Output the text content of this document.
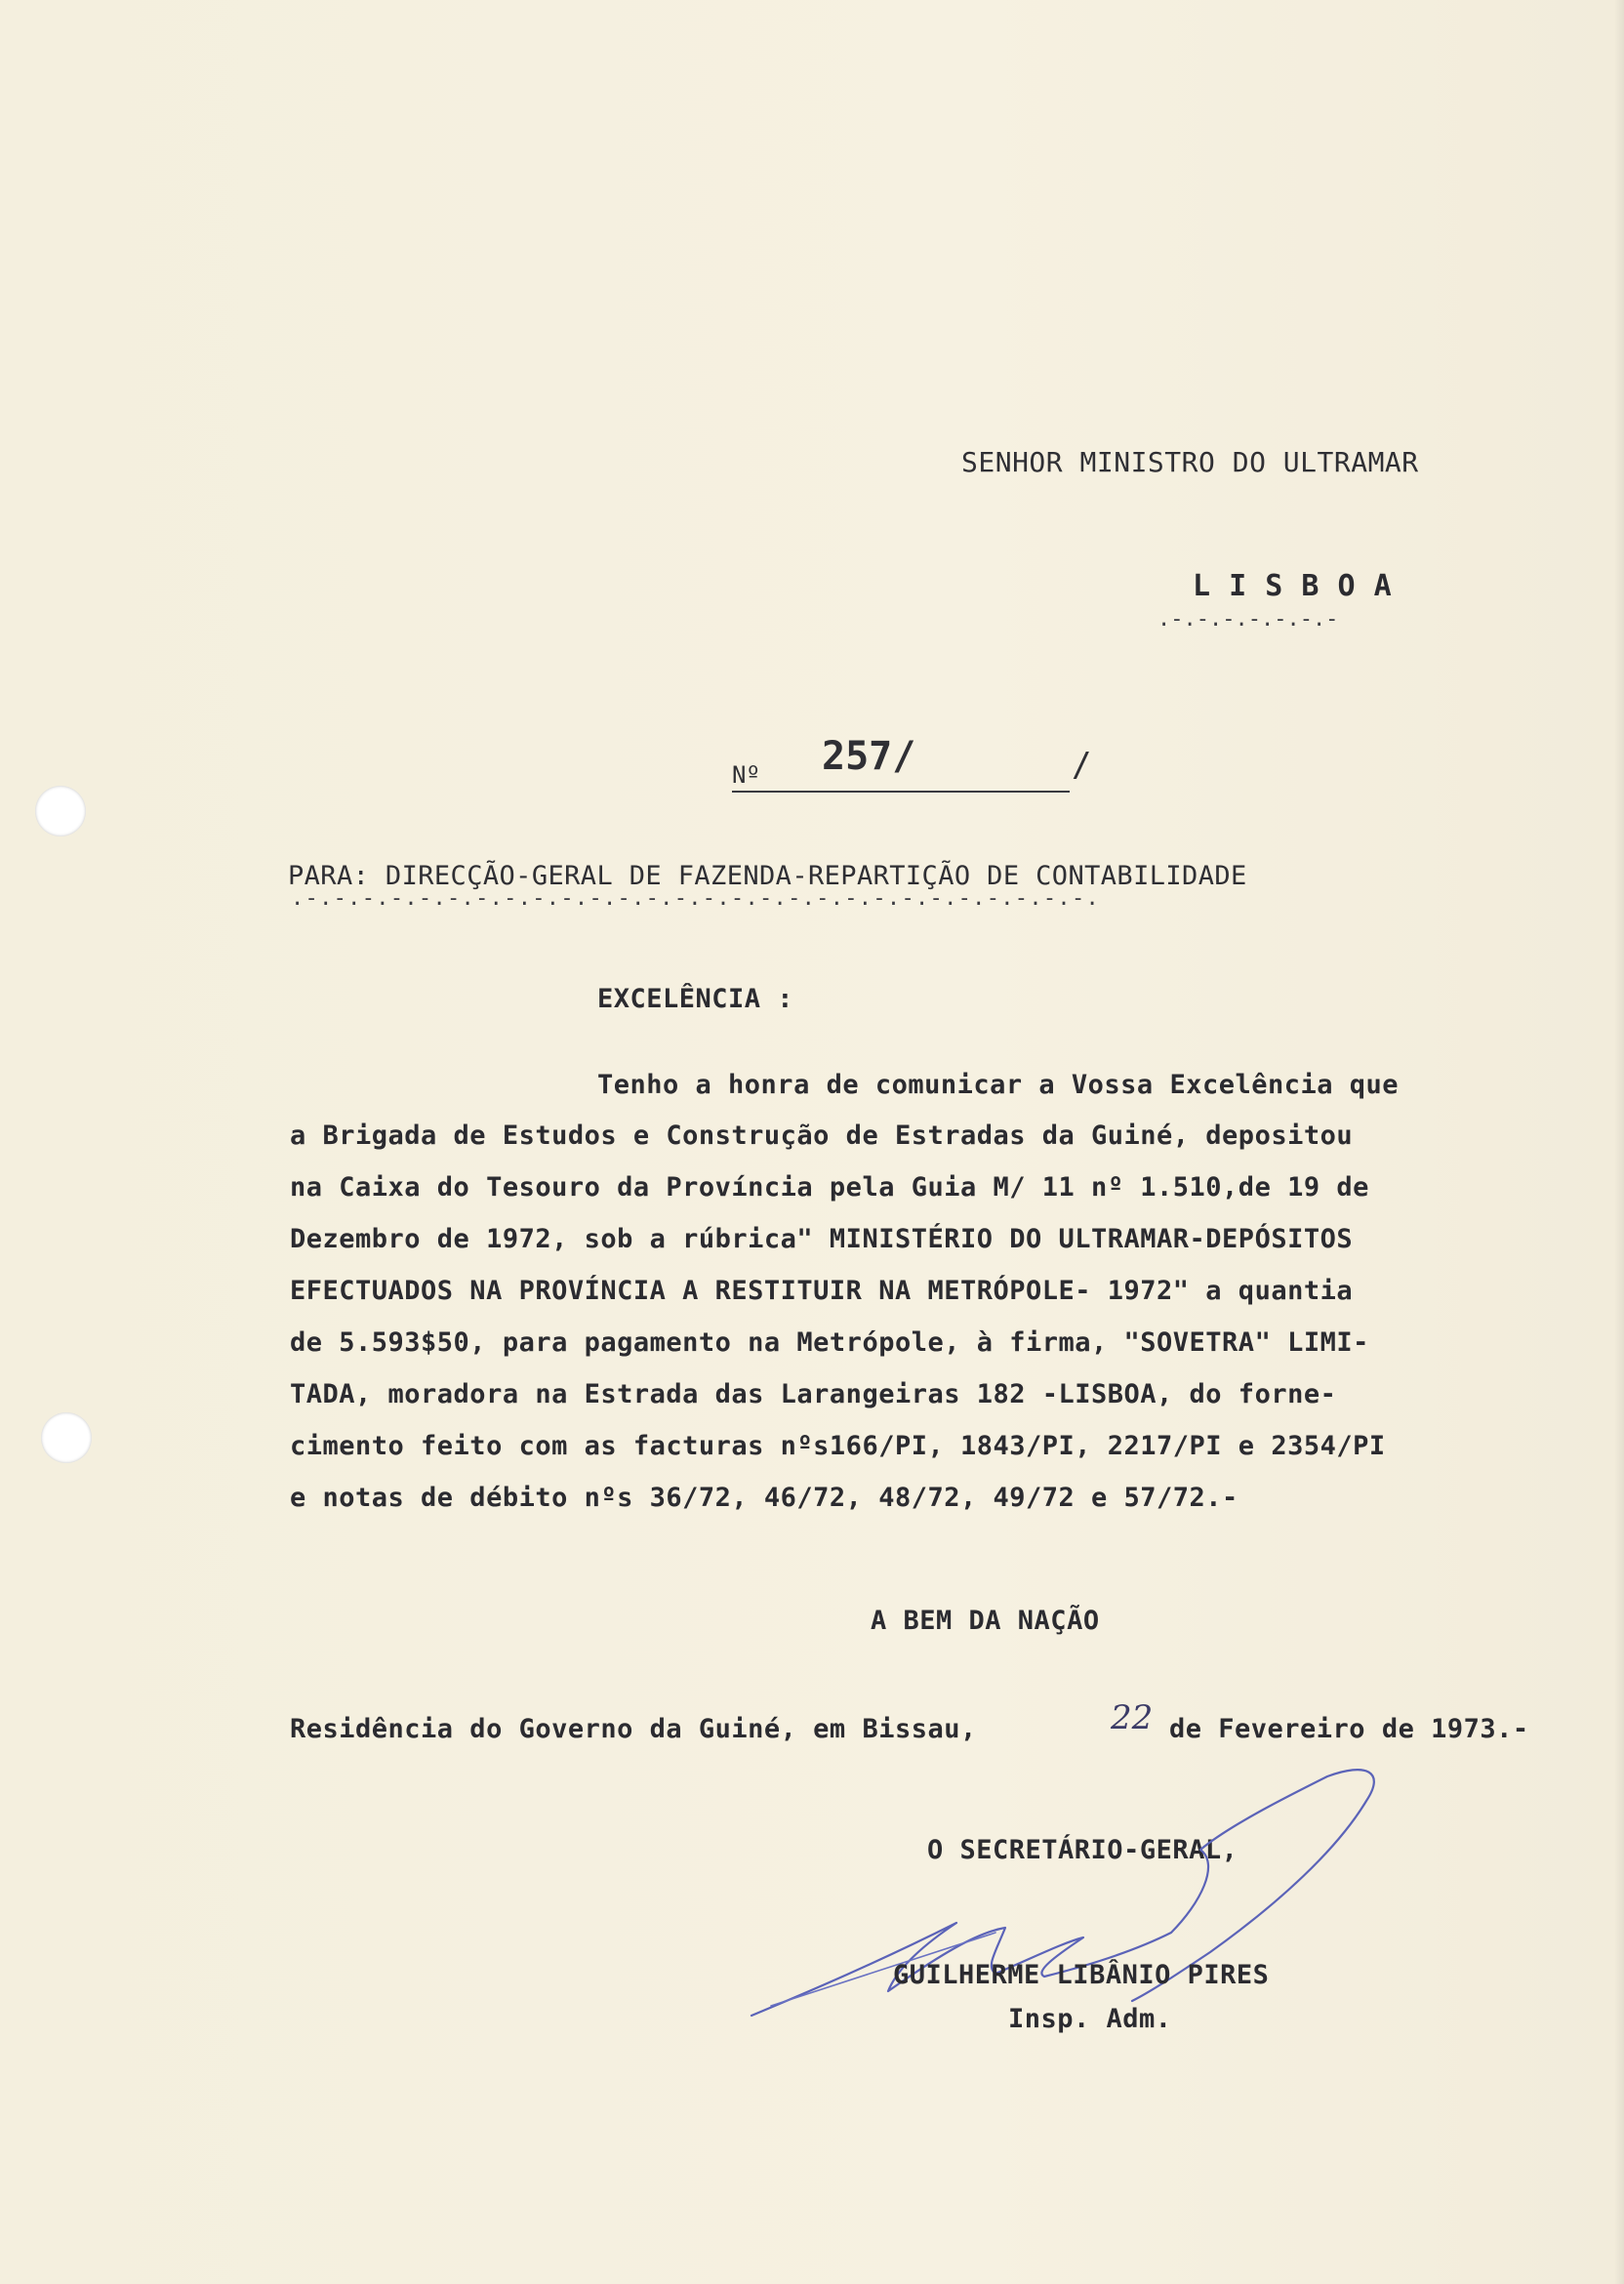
SENHOR MINISTRO DO ULTRAMAR
L I S B O A
.-.-.-.-.-.-.-
Nº 257/	/
PARA: DIRECÇÃO-GERAL DE FAZENDA-REPARTIÇÃO DE CONTABILIDADE
.-.-.-.-.-.-.-.-.-.-.-.-.-.-.-.-.-.-.-.-.-.-.-.-.-.-.-.-.
EXCELÊNCIA :
Tenho a honra de comunicar a Vossa Excelência que
a Brigada de Estudos e Construção de Estradas da Guiné, depositou
na Caixa do Tesouro da Província pela Guia M/ 11 nº 1.510,de 19 de
Dezembro de 1972, sob a rúbrica" MINISTÉRIO DO ULTRAMAR-DEPÓSITOS
EFECTUADOS NA PROVÍNCIA A RESTITUIR NA METRÓPOLE- 1972" a quantia
de 5.593$50, para pagamento na Metrópole, à firma, "SOVETRA" LIMI-
TADA, moradora na Estrada das Larangeiras 182 -LISBOA, do forne-
cimento feito com as facturas nºs166/PI, 1843/PI, 2217/PI e 2354/PI
e notas de débito nºs 36/72, 46/72, 48/72, 49/72 e 57/72.-
A BEM DA NAÇÃO
Residência do Governo da Guiné, em Bissau,	22 de Fevereiro de 1973.-
O SECRETÁRIO-GERAL,
GUILHERME LIBÂNIO PIRES
Insp. Adm.
